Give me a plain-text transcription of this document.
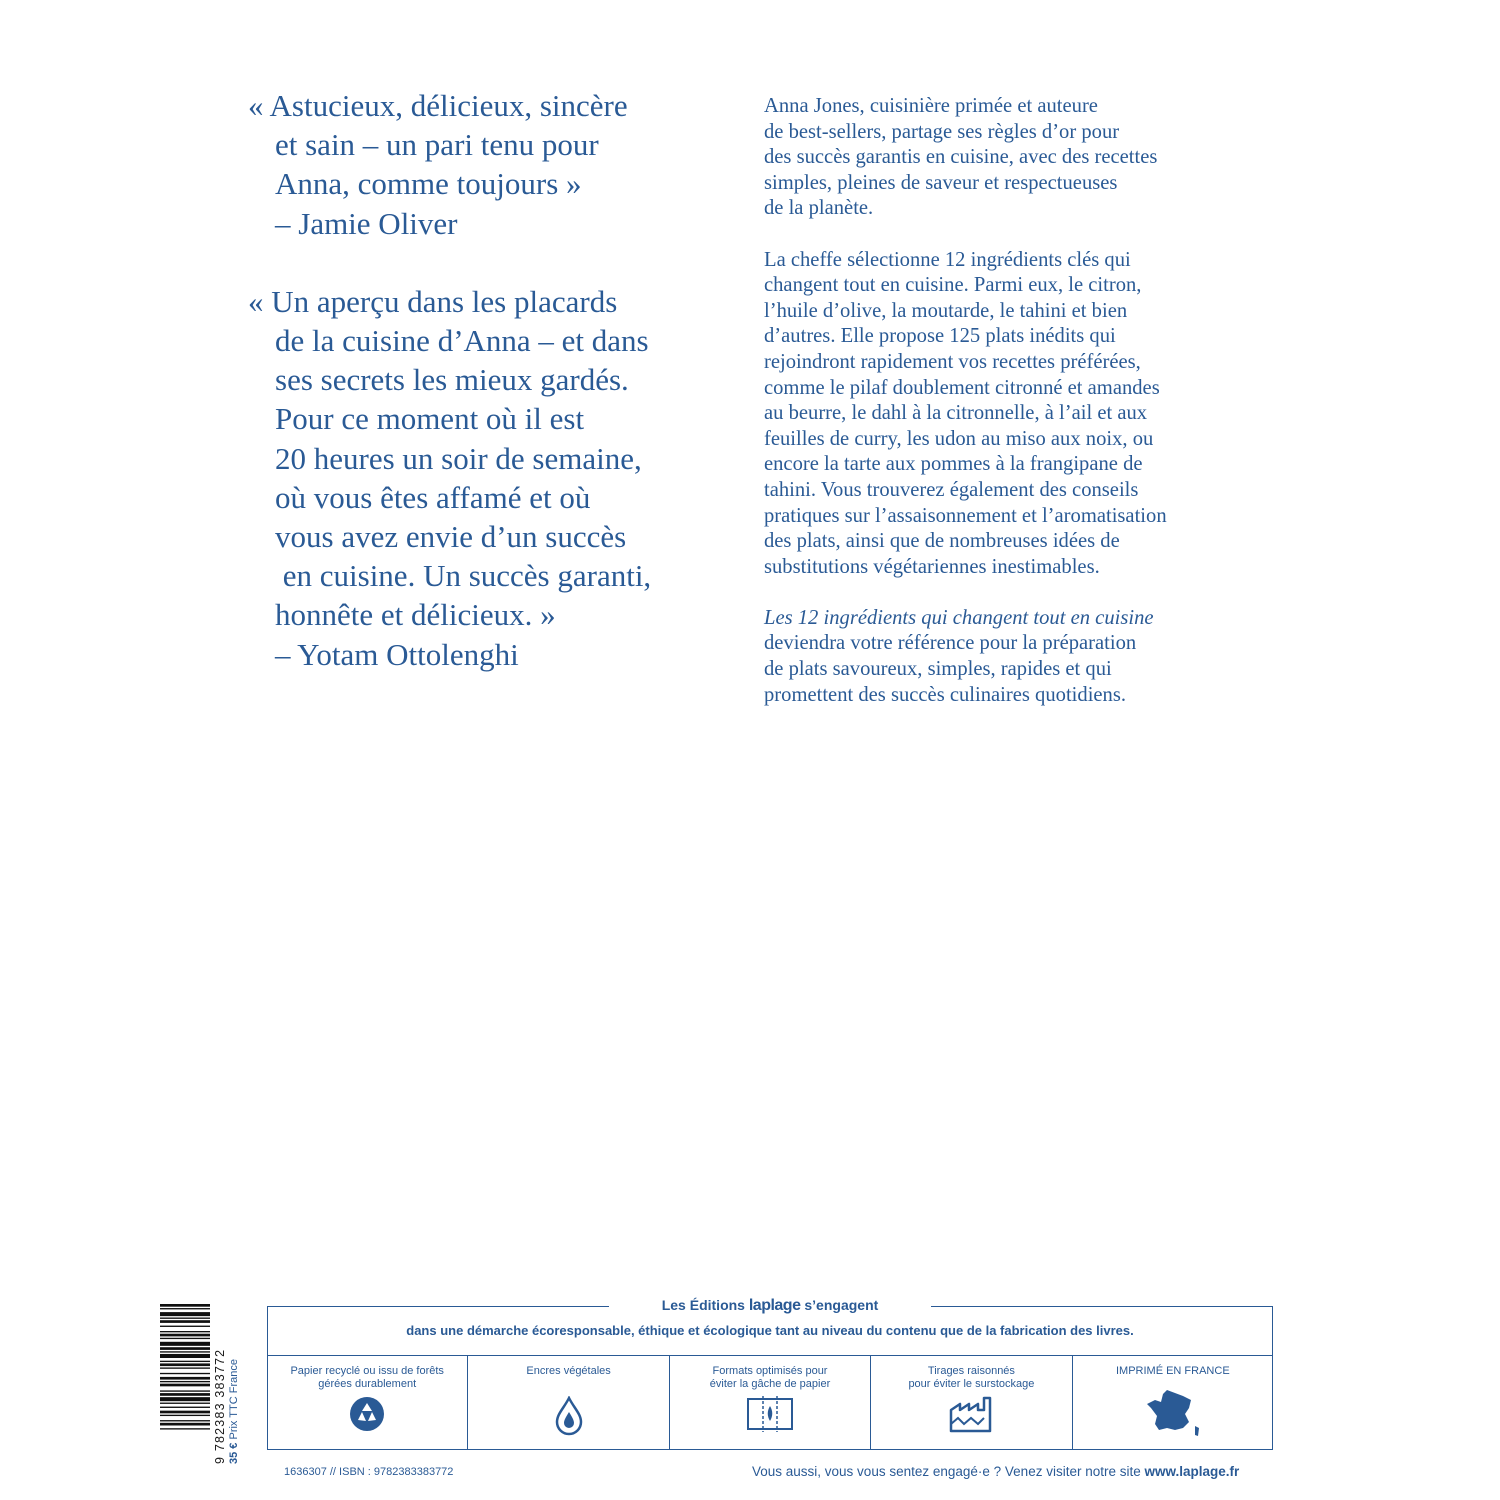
« Astucieux, délicieux, sincère
et sain – un pari tenu pour
Anna, comme toujours »
– Jamie Oliver
« Un aperçu dans les placards
de la cuisine d’Anna – et dans
ses secrets les mieux gardés.
Pour ce moment où il est
20 heures un soir de semaine,
où vous êtes affamé et où
vous avez envie d’un succès
en cuisine. Un succès garanti,
honnête et délicieux. »
– Yotam Ottolenghi

Anna Jones, cuisinière primée et auteure
de best-sellers, partage ses règles d’or pour
des succès garantis en cuisine, avec des recettes
simples, pleines de saveur et respectueuses
de la planète.

La cheffe sélectionne 12 ingrédients clés qui
changent tout en cuisine. Parmi eux, le citron,
l’huile d’olive, la moutarde, le tahini et bien
d’autres. Elle propose 125 plats inédits qui
rejoindront rapidement vos recettes préférées,
comme le pilaf doublement citronné et amandes
au beurre, le dahl à la citronnelle, à l’ail et aux
feuilles de curry, les udon au miso aux noix, ou
encore la tarte aux pommes à la frangipane de
tahini. Vous trouverez également des conseils
pratiques sur l’assaisonnement et l’aromatisation
des plats, ainsi que de nombreuses idées de
substitutions végétariennes inestimables.

Les 12 ingrédients qui changent tout en cuisine
deviendra votre référence pour la préparation
de plats savoureux, simples, rapides et qui
promettent des succès culinaires quotidiens.

9 782383 383772 35 € Prix TTC France
Les Éditions laplage s’engagent
dans une démarche écoresponsable, éthique et écologique tant au niveau du contenu que de la fabrication des livres.
Papier recyclé ou issu de forêts
gérées durablement
Encres végétales	Formats optimisés pour
éviter la gâche de papier
Tirages raisonnés
pour éviter le surstockage
IMPRIMÉ EN FRANCE
1636307 // ISBN : 9782383383772	Vous aussi, vous vous sentez engagé·e ? Venez visiter notre site www.laplage.fr
